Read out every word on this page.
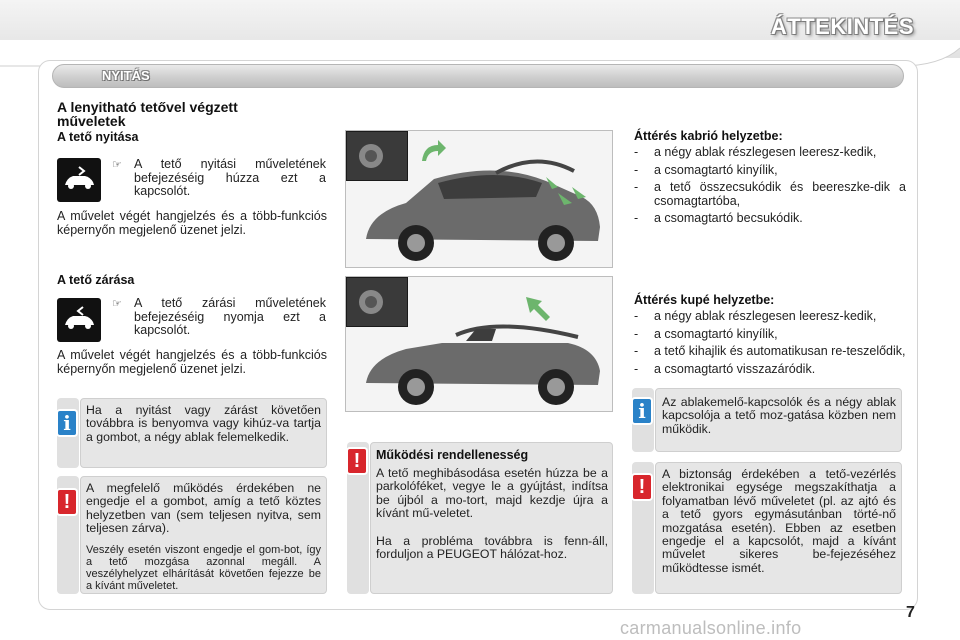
ÁTTEKINTÉS
NYITÁS
A lenyitható tetővel végzett műveletek
A tető nyitása
☞ A tető nyitási műveletének befejezéséig húzza ezt a kapcsolót.
A művelet végét hangjelzés és a több-funkciós képernyőn megjelenő üzenet jelzi.
A tető zárása
☞ A tető zárási műveletének befejezéséig nyomja ezt a kapcsolót.
A művelet végét hangjelzés és a több-funkciós képernyőn megjelenő üzenet jelzi.
i
Ha a nyitást vagy zárást követően továbbra is benyomva vagy kihúz-va tartja a gombot, a négy ablak felemelkedik.
!
A megfelelő működés érdekében ne engedje el a gombot, amíg a tető köztes helyzetben van (sem teljesen nyitva, sem teljesen zárva).
Veszély esetén viszont engedje el gom-bot, így a tető mozgása azonnal megáll. A veszélyhelyzet elhárítását követően fejezze be a kívánt műveletet.
!	Működési rendellenesség
A tető meghibásodása esetén húzza be a parkolóféket, vegye le a gyújtást, indítsa be újból a mo-tort, majd kezdje újra a kívánt mű-veletet.
Ha a probléma továbbra is fenn-áll, forduljon a PEUGEOT hálózat-hoz.
Áttérés kabrió helyzetbe:
- a négy ablak részlegesen leeresz-kedik,
- a csomagtartó kinyílik,
- a tető összecsukódik és beereszke-dik a csomagtartóba,
- a csomagtartó becsukódik.
Áttérés kupé helyzetbe:
- a négy ablak részlegesen leeresz-kedik,
- a csomagtartó kinyílik,
- a tető kihajlik és automatikusan re-teszelődik,
- a csomagtartó visszazáródik.
i	Az ablakemelő-kapcsolók és a négy ablak kapcsolója a tető moz-gatása közben nem működik.
!
A biztonság érdekében a tető-vezérlés elektronikai egysége megszakíthatja a folyamatban lévő műveletet (pl. az ajtó és a tető gyors egymásutánban törté-nő mozgatása esetén). Ebben az esetben engedje el a kapcsolót, majd a kívánt művelet sikeres be-fejezéséhez működtesse ismét.
7
carmanualsonline.info
